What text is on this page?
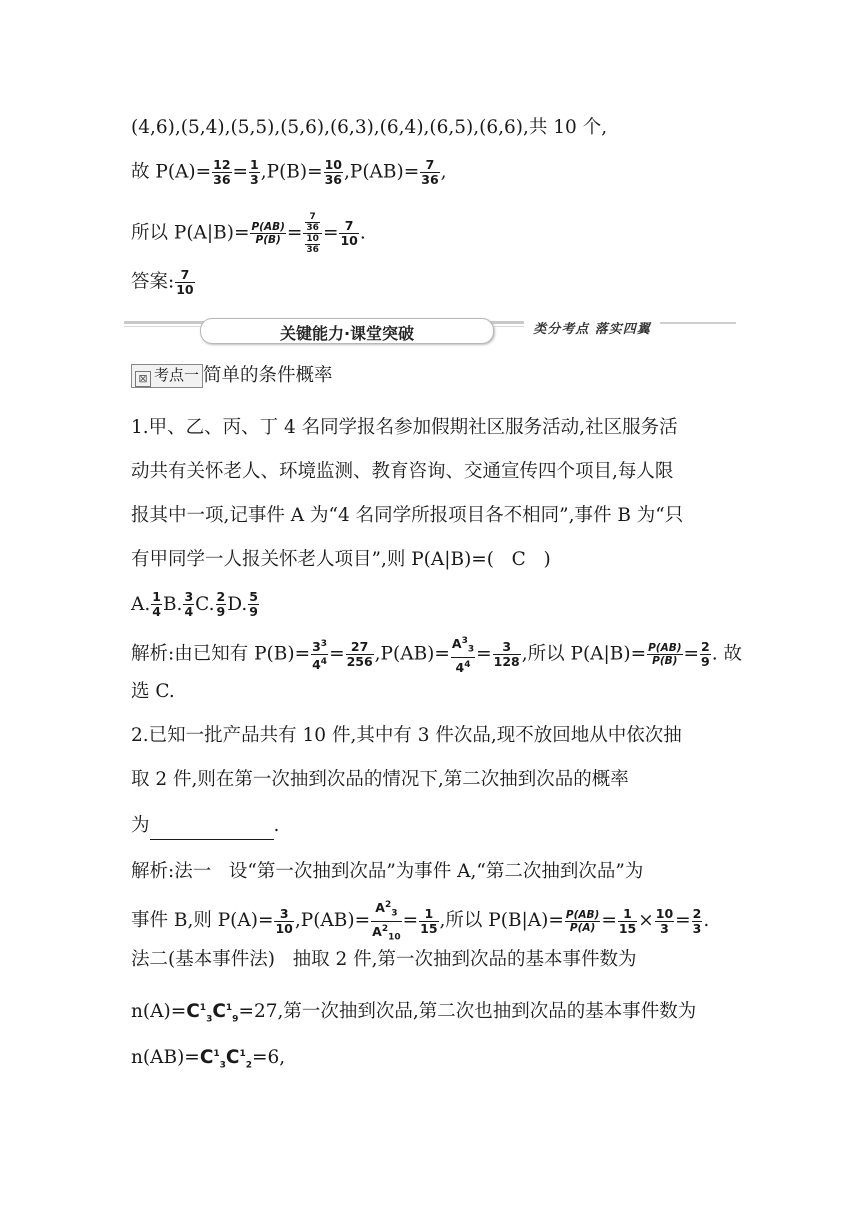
(4,6),(5,4),(5,5),(5,6),(6,3),(6,4),(6,5),(6,6),共 10 个,
故 $P(A)= \frac{12}{36} = \frac{1}{3} ,P(B)= \frac{10}{36} ,P(AB)= \frac{7}{36}$ ,
所以 $P(A|B)= \frac{P(AB)}{P(B)} = \frac{\frac{7}{36}}{\frac{10}{36}} = \frac{7}{10}$ .
答案: $\frac{7}{10}$
关键能力·课堂突破	类分考点 落实四翼
⊠ 考点一 简单的条件概率
1.甲、乙、丙、丁 4 名同学报名参加假期社区服务活动,社区服务活
动共有关怀老人、环境监测、教育咨询、交通宣传四个项目,每人限
报其中一项,记事件 A 为“4 名同学所报项目各不相同”,事件 B 为“只
有甲同学一人报关怀老人项目”,则 P(A|B)=(   C   )
A. $\frac{1}{4} B$. $\frac{3}{4} C$. $\frac{2}{9} D$. $\frac{5}{9}$
解析:由已知有 $P(B)= \frac{3^3}{4^4} = \frac{27}{256} ,P(AB)= \frac{A^3_3}{4^4} = \frac{3}{128}$ ,所以 $P(A|B)= \frac{P(AB)}{P(B)} = \frac{2}{9}$ . 故
选 C.
2.已知一批产品共有 10 件,其中有 3 件次品,现不放回地从中依次抽
取 2 件,则在第一次抽到次品的情况下,第二次抽到次品的概率
为	.
解析:法一   设“第一次抽到次品”为事件 A,“第二次抽到次品”为
事件 B,则 $P(A)= \frac{3}{10} ,P(AB)= \frac{A^2_3}{A^2_{10}} = \frac{1}{15}$ ,所以 $P(B|A)= \frac{P(AB)}{P(A)} = \frac{1}{15} \times \frac{10}{3} = \frac{2}{3}$ .
法二(基本事件法)   抽取 2 件,第一次抽到次品的基本事件数为
$n(A)=C^1_3C^1_9=27$,第一次抽到次品,第二次也抽到次品的基本事件数为
$n(AB)=C^1_3C^1_2=6$,
